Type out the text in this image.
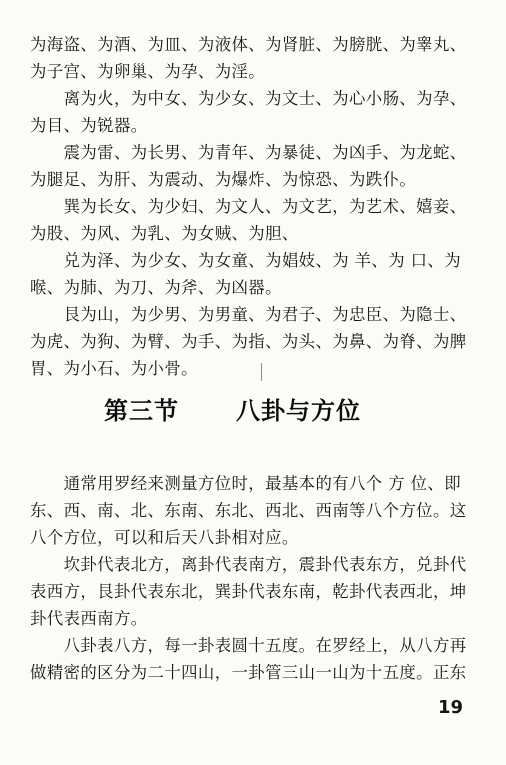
为海盗、为酒、为皿、为液体、为肾脏、为膀胱、为睾丸、
为子宫、为卵巢、为孕、为淫。
　　离为火，为中女、为少女、为文士、为心小肠、为孕、
为目、为锐器。
　　震为雷、为长男、为青年、为暴徒、为凶手、为龙蛇、
为腿足、为肝、为震动、为爆炸、为惊恐、为跌仆。
　　巽为长女、为少妇、为文人、为文艺，为艺术、嬉妾、
为股、为风、为乳、为女贼、为胆、
　　兑为泽、为少女、为女童、为娼妓、为 羊、为 口、为
喉、为肺、为刀、为斧、为凶器。
　　艮为山，为少男、为男童、为君子、为忠臣、为隐士、
为虎、为狗、为臂、为手、为指、为头、为鼻、为脊、为脾
胃、为小石、为小骨。
第三节 八卦与方位
　　通常用罗经来测量方位时，最基本的有八个 方 位、即
东、西、南、北、东南、东北、西北、西南等八个方位。这
八个方位，可以和后天八卦相对应。
　　坎卦代表北方，离卦代表南方，震卦代表东方，兑卦代
表西方，艮卦代表东北，巽卦代表东南，乾卦代表西北，坤
卦代表西南方。
　　八卦表八方，每一卦表圆十五度。在罗经上，从八方再
做精密的区分为二十四山，一卦管三山一山为十五度。正东
19
